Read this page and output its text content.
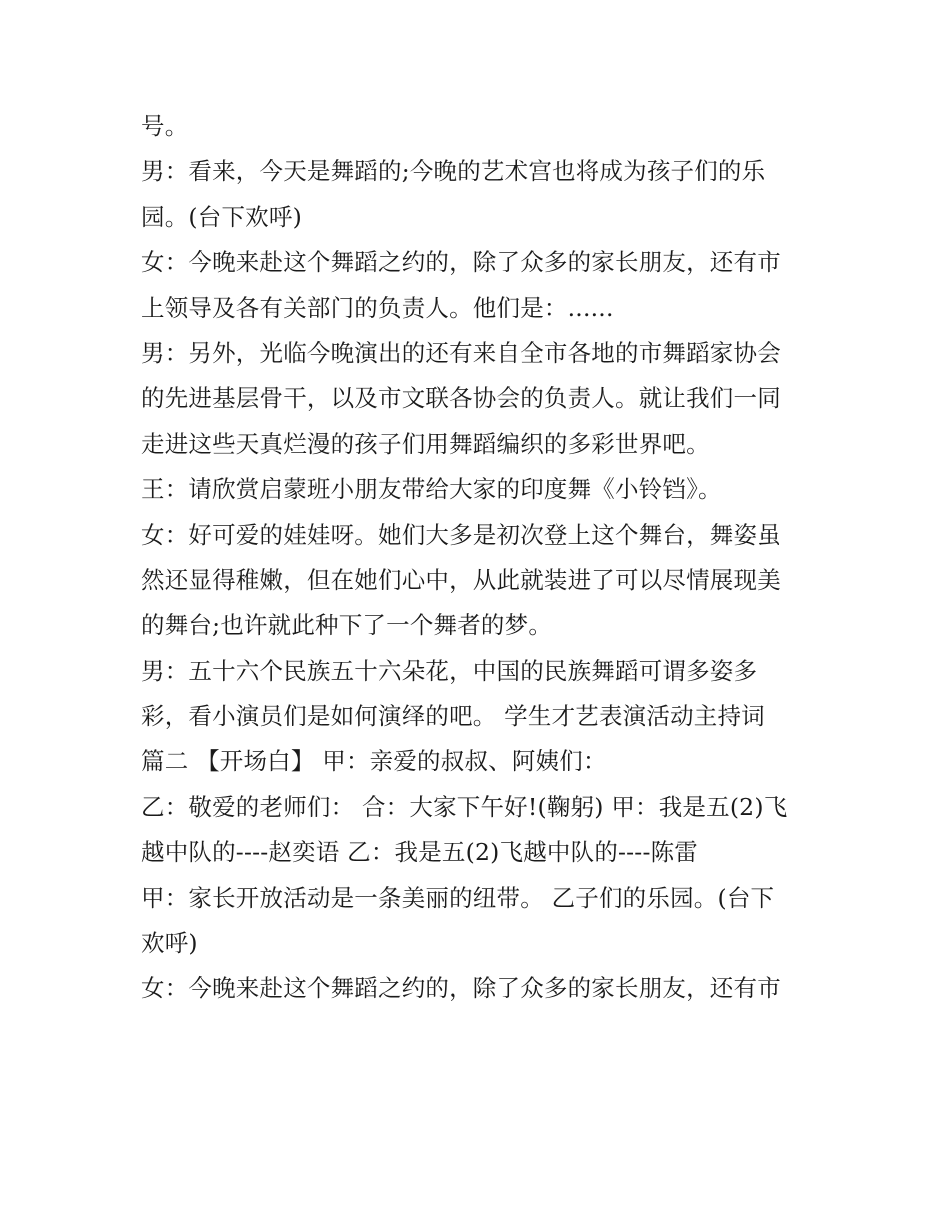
号。
男：看来，今天是舞蹈的;今晚的艺术宫也将成为孩子们的乐
园。(台下欢呼)
女：今晚来赴这个舞蹈之约的，除了众多的家长朋友，还有市
上领导及各有关部门的负责人。他们是：......
男：另外，光临今晚演出的还有来自全市各地的市舞蹈家协会
的先进基层骨干，以及市文联各协会的负责人。就让我们一同
走进这些天真烂漫的孩子们用舞蹈编织的多彩世界吧。
王：请欣赏启蒙班小朋友带给大家的印度舞《小铃铛》。
女：好可爱的娃娃呀。她们大多是初次登上这个舞台，舞姿虽
然还显得稚嫩，但在她们心中，从此就装进了可以尽情展现美
的舞台;也许就此种下了一个舞者的梦。
男：五十六个民族五十六朵花，中国的民族舞蹈可谓多姿多
彩，看小演员们是如何演绎的吧。 学生才艺表演活动主持词
篇二 【开场白】 甲：亲爱的叔叔、阿姨们：
乙：敬爱的老师们： 合：大家下午好!(鞠躬) 甲：我是五(2)飞
越中队的----赵奕语 乙：我是五(2)飞越中队的----陈雷
甲：家长开放活动是一条美丽的纽带。 乙子们的乐园。(台下
欢呼)
女：今晚来赴这个舞蹈之约的，除了众多的家长朋友，还有市
